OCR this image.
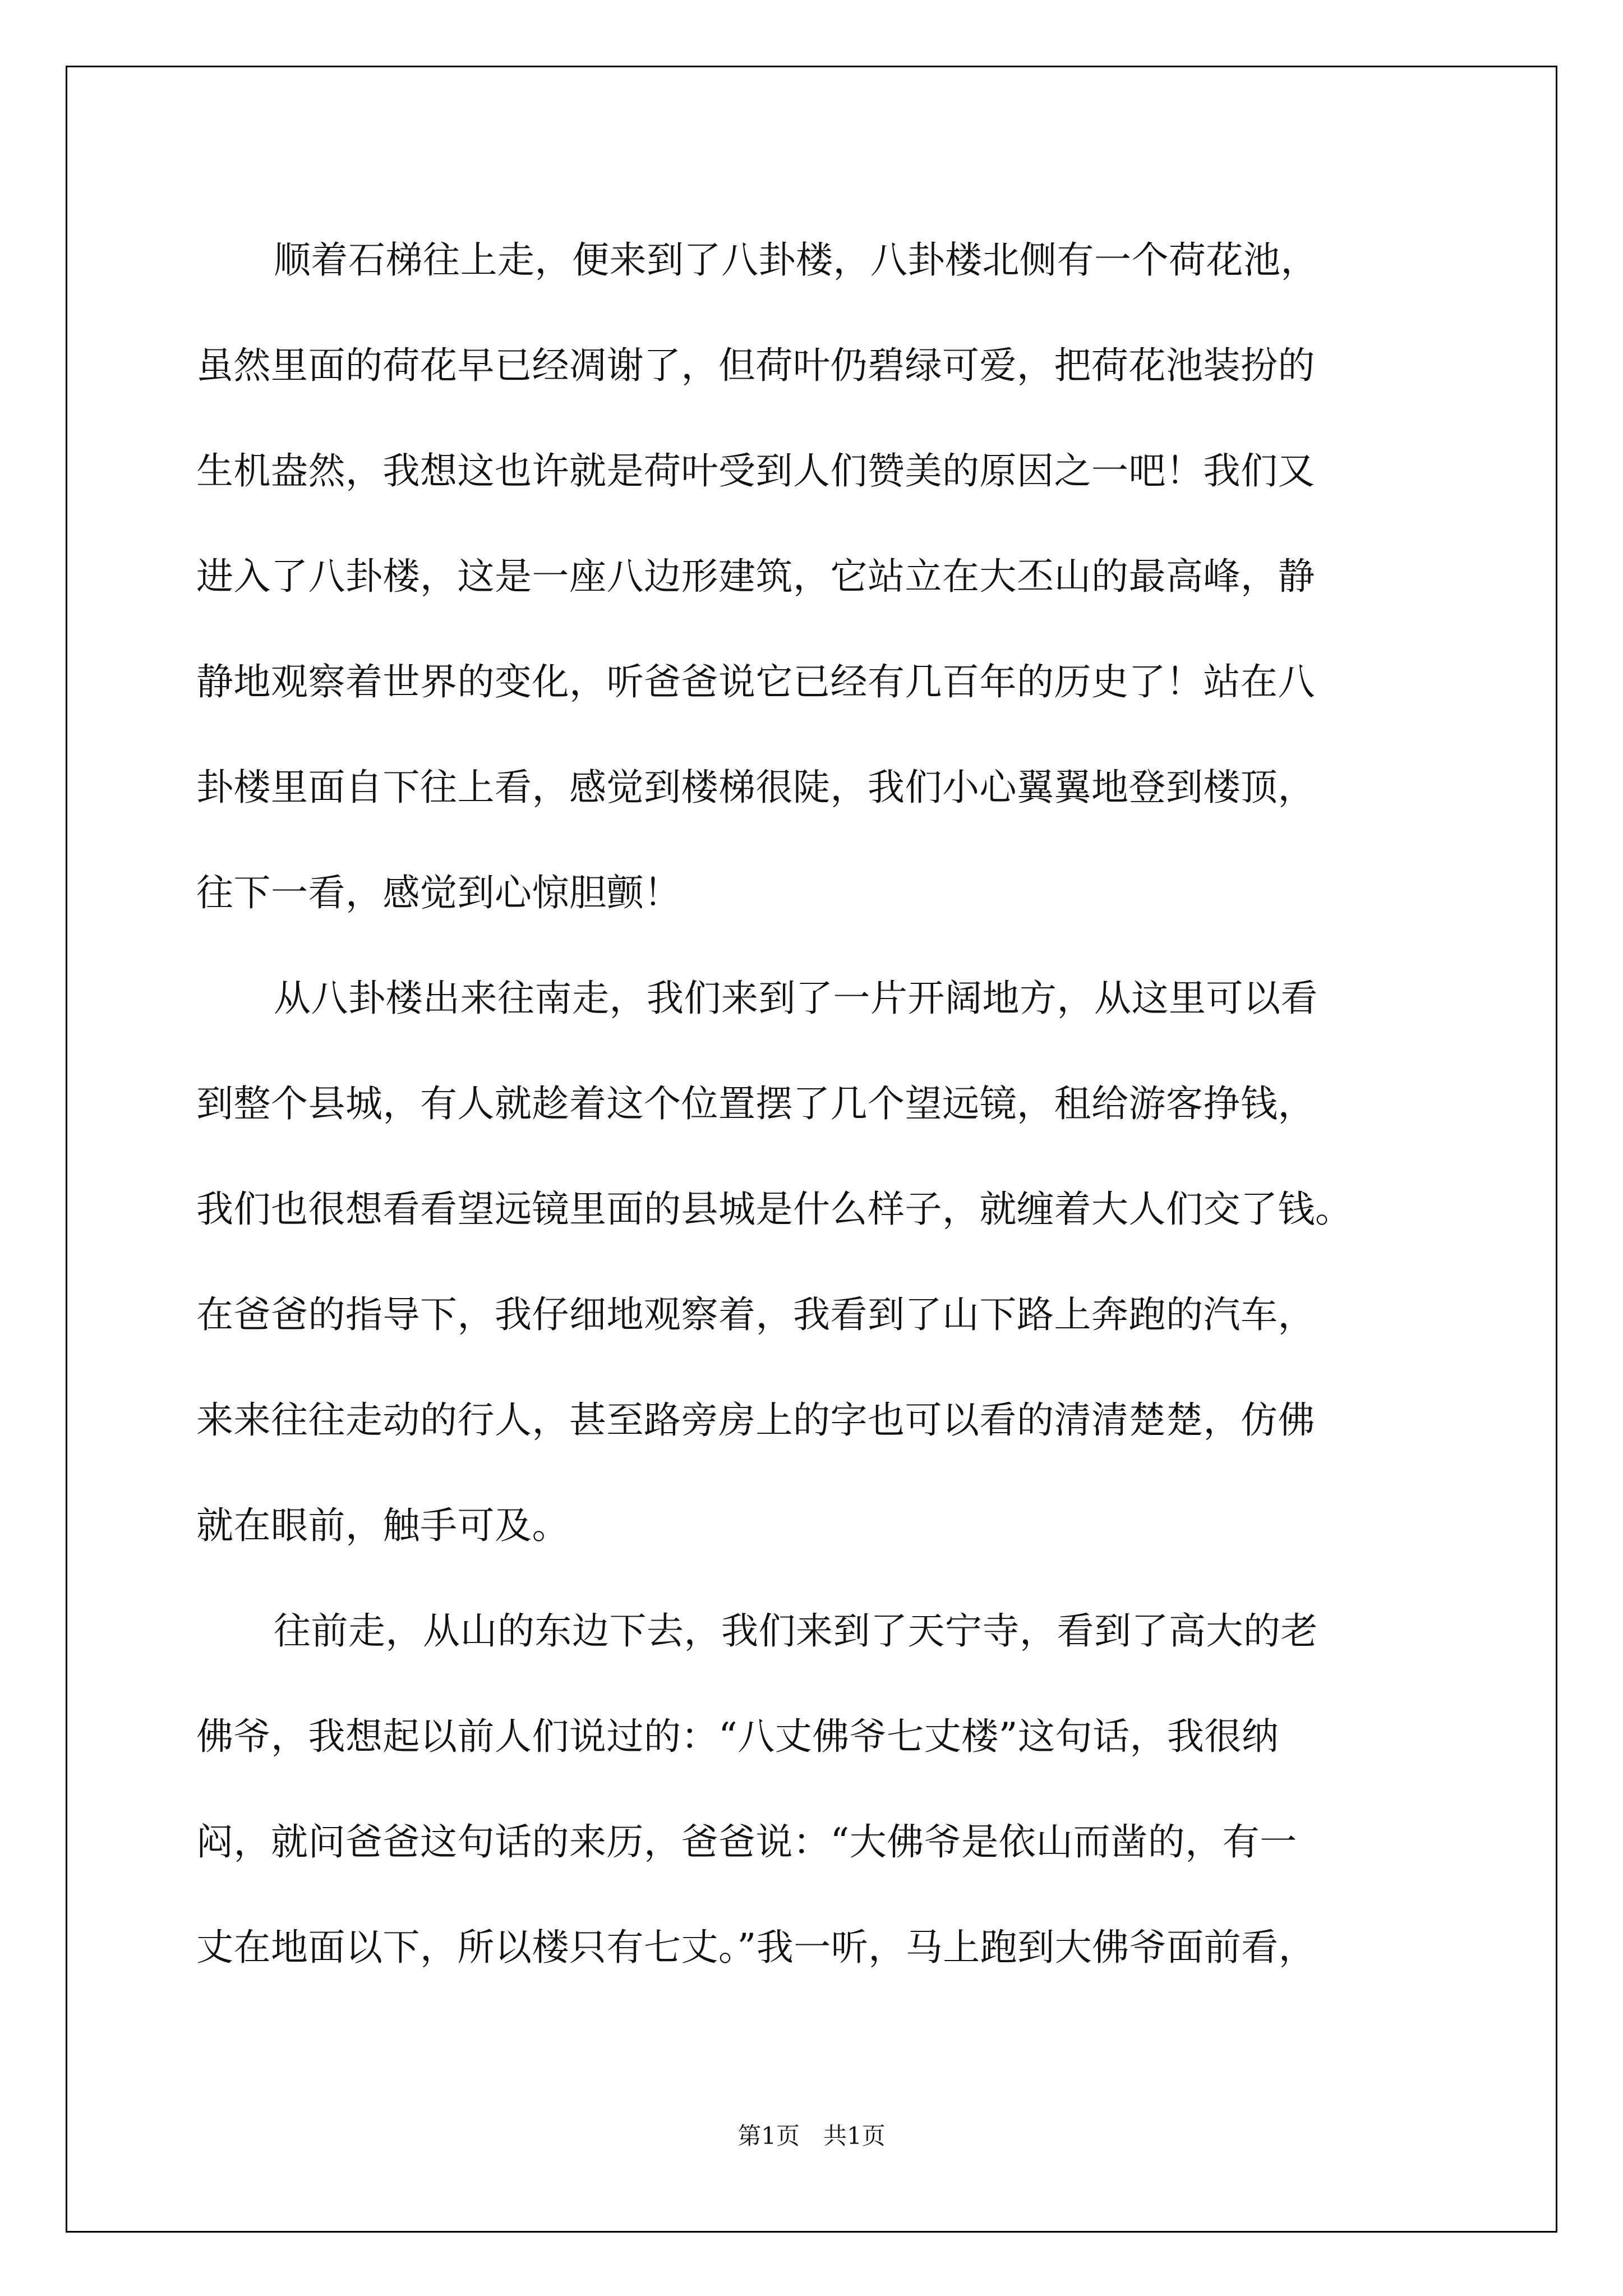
顺着石梯往上走，便来到了八卦楼，八卦楼北侧有一个荷花池，
虽然里面的荷花早已经凋谢了，但荷叶仍碧绿可爱，把荷花池装扮的
生机盎然，我想这也许就是荷叶受到人们赞美的原因之一吧！我们又
进入了八卦楼，这是一座八边形建筑，它站立在大丕山的最高峰，静
静地观察着世界的变化，听爸爸说它已经有几百年的历史了！站在八
卦楼里面自下往上看，感觉到楼梯很陡，我们小心翼翼地登到楼顶，
往下一看，感觉到心惊胆颤！
从八卦楼出来往南走，我们来到了一片开阔地方，从这里可以看
到整个县城，有人就趁着这个位置摆了几个望远镜，租给游客挣钱，
我们也很想看看望远镜里面的县城是什么样子，就缠着大人们交了钱。
在爸爸的指导下，我仔细地观察着，我看到了山下路上奔跑的汽车，
来来往往走动的行人，甚至路旁房上的字也可以看的清清楚楚，仿佛
就在眼前，触手可及。
往前走，从山的东边下去，我们来到了天宁寺，看到了高大的老
佛爷，我想起以前人们说过的：“八丈佛爷七丈楼”这句话，我很纳
闷，就问爸爸这句话的来历，爸爸说：“大佛爷是依山而凿的，有一
丈在地面以下，所以楼只有七丈。”我一听，马上跑到大佛爷面前看，
第1页　共1页
